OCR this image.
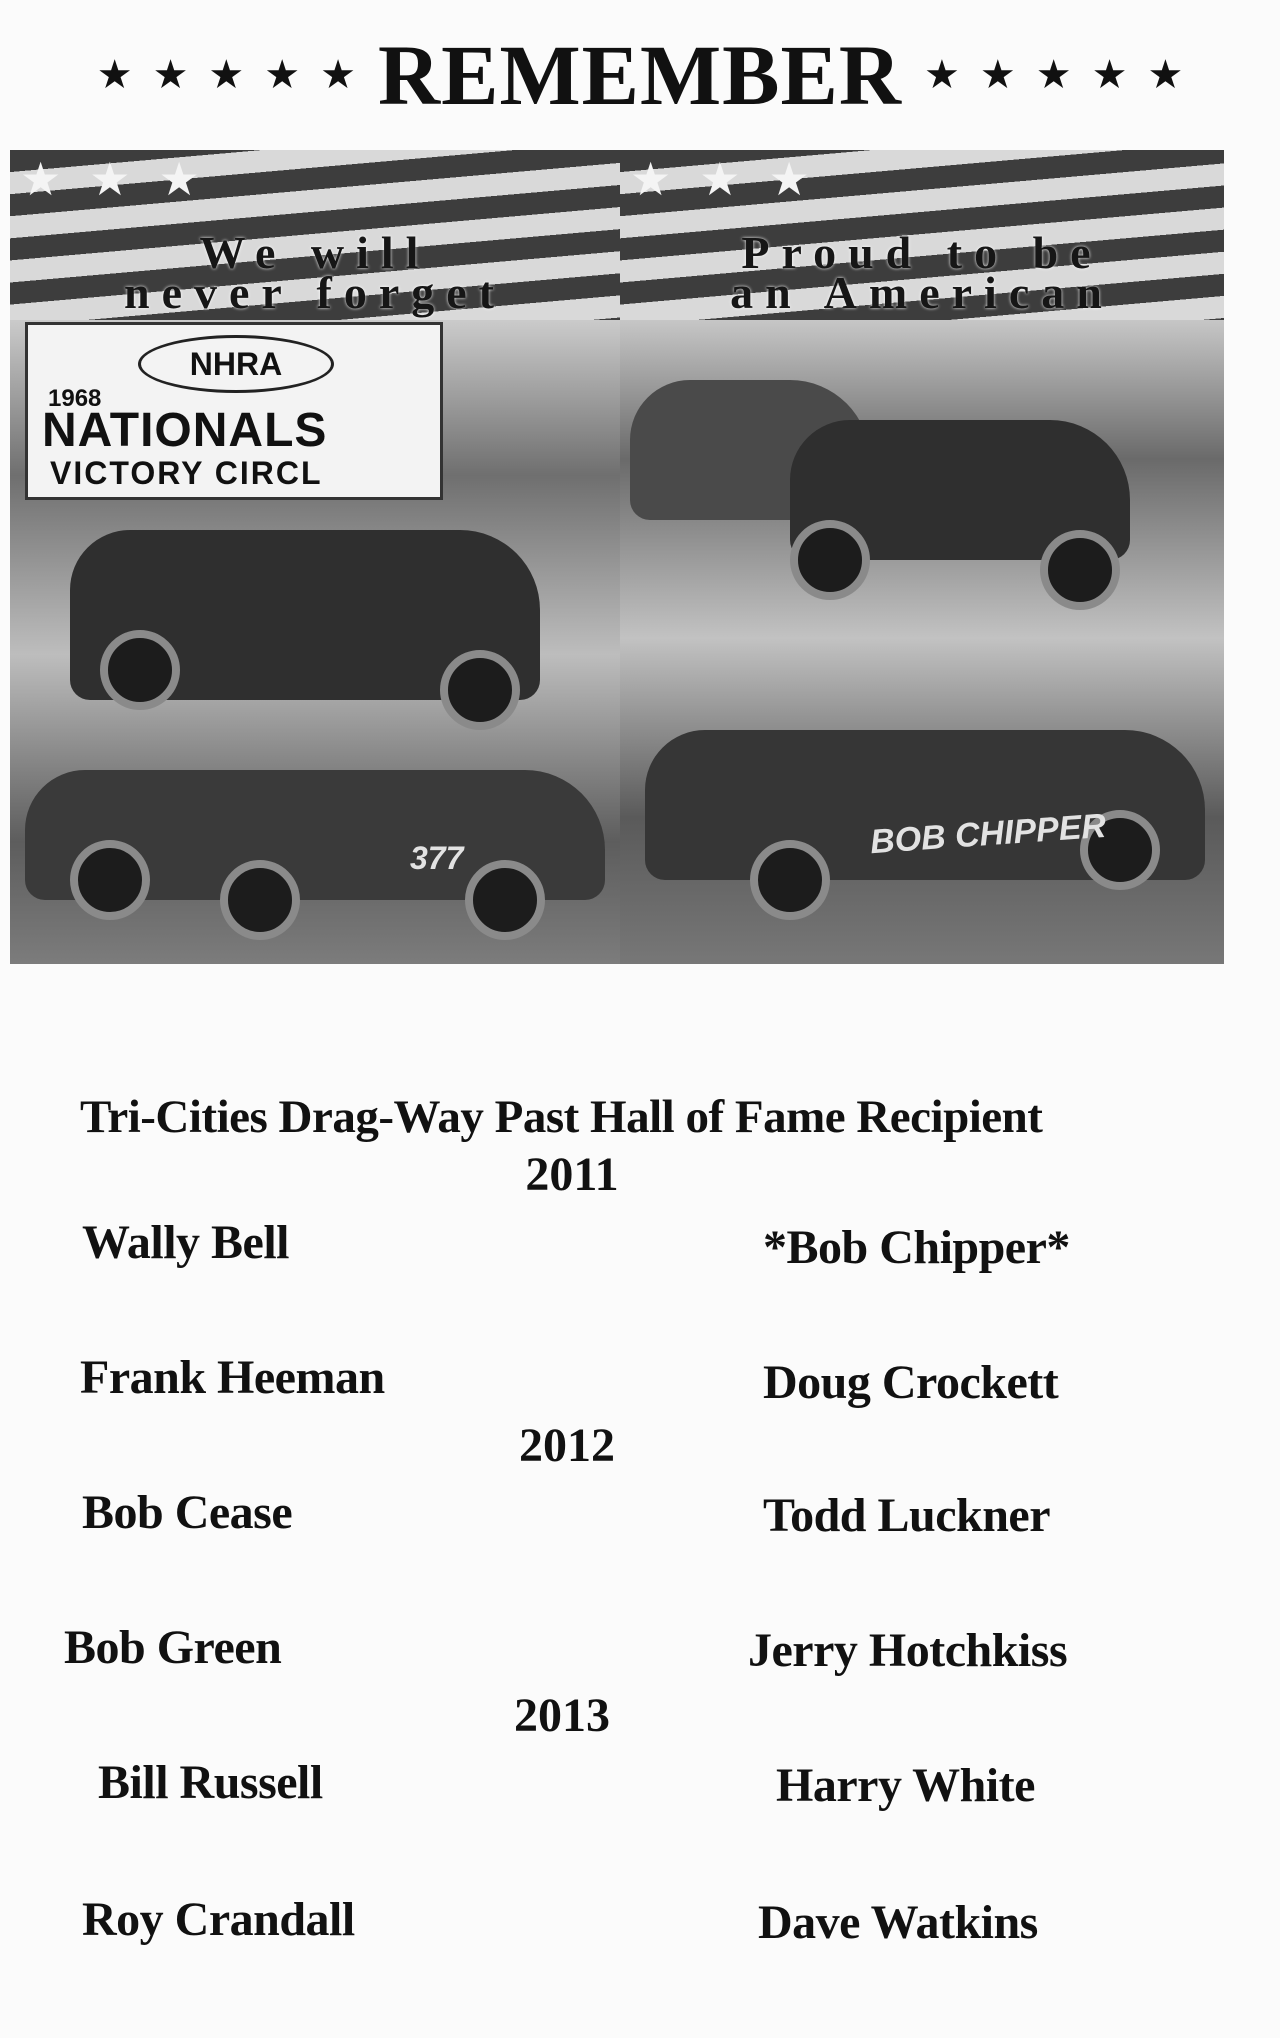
★ ★ ★ ★ ★ REMEMBER ★ ★ ★ ★ ★
★★★
We will
never forget
NHRA
1968
NATIONALS
VICTORY CIRCL
377
★★★
Proud to be
an American
BOB CHIPPER
Tri-Cities Drag-Way Past Hall of Fame Recipient
2011
Wally Bell	*Bob Chipper*
Frank Heeman	Doug Crockett
2012
Bob Cease	Todd Luckner
Bob Green	Jerry Hotchkiss
2013
Bill Russell	Harry White
Roy Crandall	Dave Watkins
